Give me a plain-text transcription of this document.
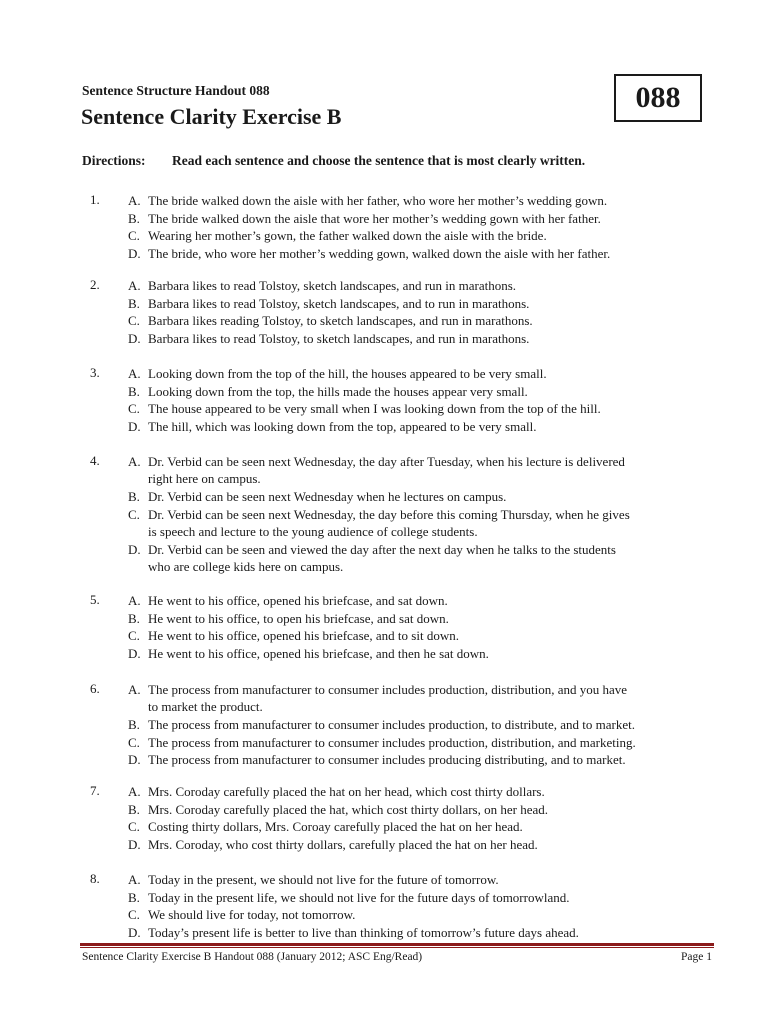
Sentence Structure Handout 088

Sentence Clarity Exercise B
088
Directions: Read each sentence and choose the sentence that is most clearly written.
1. A. The bride walked down the aisle with her father, who wore her mother’s wedding gown.
B. The bride walked down the aisle that wore her mother’s wedding gown with her father.
C. Wearing her mother’s gown, the father walked down the aisle with the bride.
D. The bride, who wore her mother’s wedding gown, walked down the aisle with her father.
2. A. Barbara likes to read Tolstoy, sketch landscapes, and run in marathons.
B. Barbara likes to read Tolstoy, sketch landscapes, and to run in marathons.
C. Barbara likes reading Tolstoy, to sketch landscapes, and run in marathons.
D. Barbara likes to read Tolstoy, to sketch landscapes, and run in marathons.
3. A. Looking down from the top of the hill, the houses appeared to be very small.
B. Looking down from the top, the hills made the houses appear very small.
C. The house appeared to be very small when I was looking down from the top of the hill.
D. The hill, which was looking down from the top, appeared to be very small.
4. A. Dr. Verbid can be seen next Wednesday, the day after Tuesday, when his lecture is delivered
right here on campus.
B. Dr. Verbid can be seen next Wednesday when he lectures on campus.
C. Dr. Verbid can be seen next Wednesday, the day before this coming Thursday, when he gives
is speech and lecture to the young audience of college students.
D. Dr. Verbid can be seen and viewed the day after the next day when he talks to the students
who are college kids here on campus.
5. A. He went to his office, opened his briefcase, and sat down.
B. He went to his office, to open his briefcase, and sat down.
C. He went to his office, opened his briefcase, and to sit down.
D. He went to his office, opened his briefcase, and then he sat down.
6. A. The process from manufacturer to consumer includes production, distribution, and you have
to market the product.
B. The process from manufacturer to consumer includes production, to distribute, and to market.
C. The process from manufacturer to consumer includes production, distribution, and marketing.
D. The process from manufacturer to consumer includes producing distributing, and to market.
7. A. Mrs. Coroday carefully placed the hat on her head, which cost thirty dollars.
B. Mrs. Coroday carefully placed the hat, which cost thirty dollars, on her head.
C. Costing thirty dollars, Mrs. Coroay carefully placed the hat on her head.
D. Mrs. Coroday, who cost thirty dollars, carefully placed the hat on her head.
8. A. Today in the present, we should not live for the future of tomorrow.
B. Today in the present life, we should not live for the future days of tomorrowland.
C. We should live for today, not tomorrow.
D. Today’s present life is better to live than thinking of tomorrow’s future days ahead.
Sentence Clarity Exercise B Handout 088 (January 2012; ASC Eng/Read)	Page 1
